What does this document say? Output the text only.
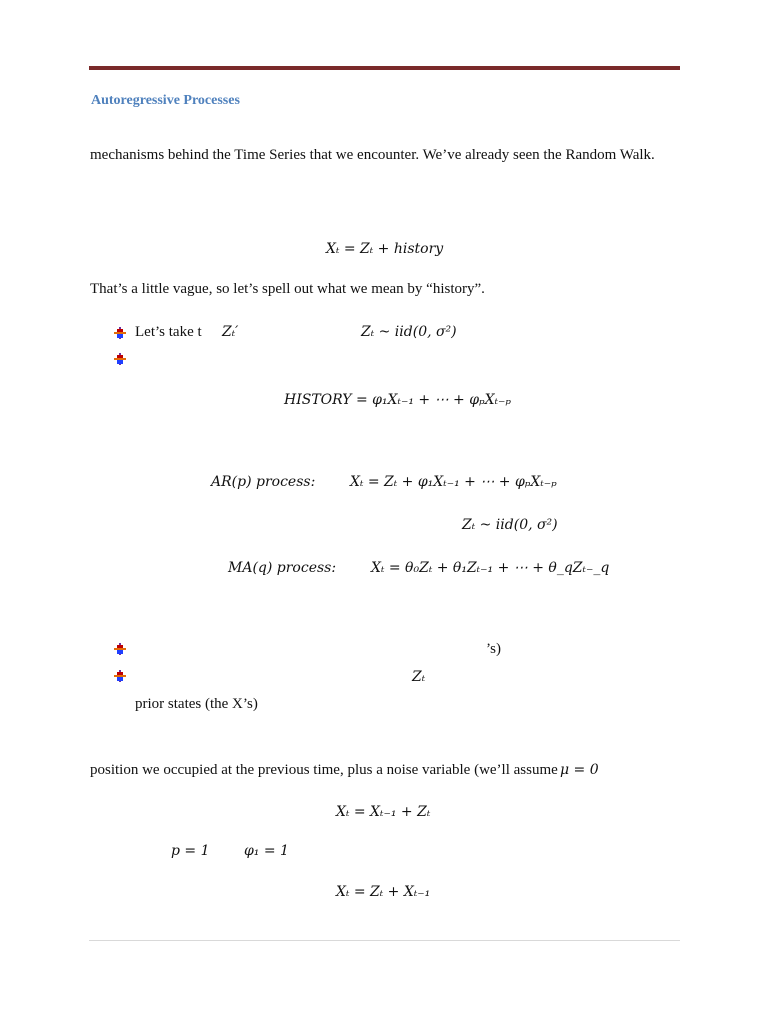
Autoregressive Processes
mechanisms behind the Time Series that we encounter. We’ve already seen the Random Walk.
Xₜ = Zₜ + history
That’s a little vague, so let’s spell out what we mean by “history”.
Let’s take t Zₜ′	Zₜ ~ iid(0, σ²)
HISTORY = φ₁Xₜ₋₁ + ⋯ + φₚXₜ₋ₚ
AR(p) process: Xₜ = Zₜ + φ₁Xₜ₋₁ + ⋯ + φₚXₜ₋ₚ
Zₜ ~ iid(0, σ²)
MA(q) process: Xₜ = θ₀Zₜ + θ₁Zₜ₋₁ + ⋯ + θ_qZₜ₋_q
’s)
Zₜ
prior states (the X’s)
position we occupied at the previous time, plus a noise variable (we’ll assume μ = 0
Xₜ = Xₜ₋₁ + Zₜ
p = 1 φ₁ = 1
Xₜ = Zₜ + Xₜ₋₁
